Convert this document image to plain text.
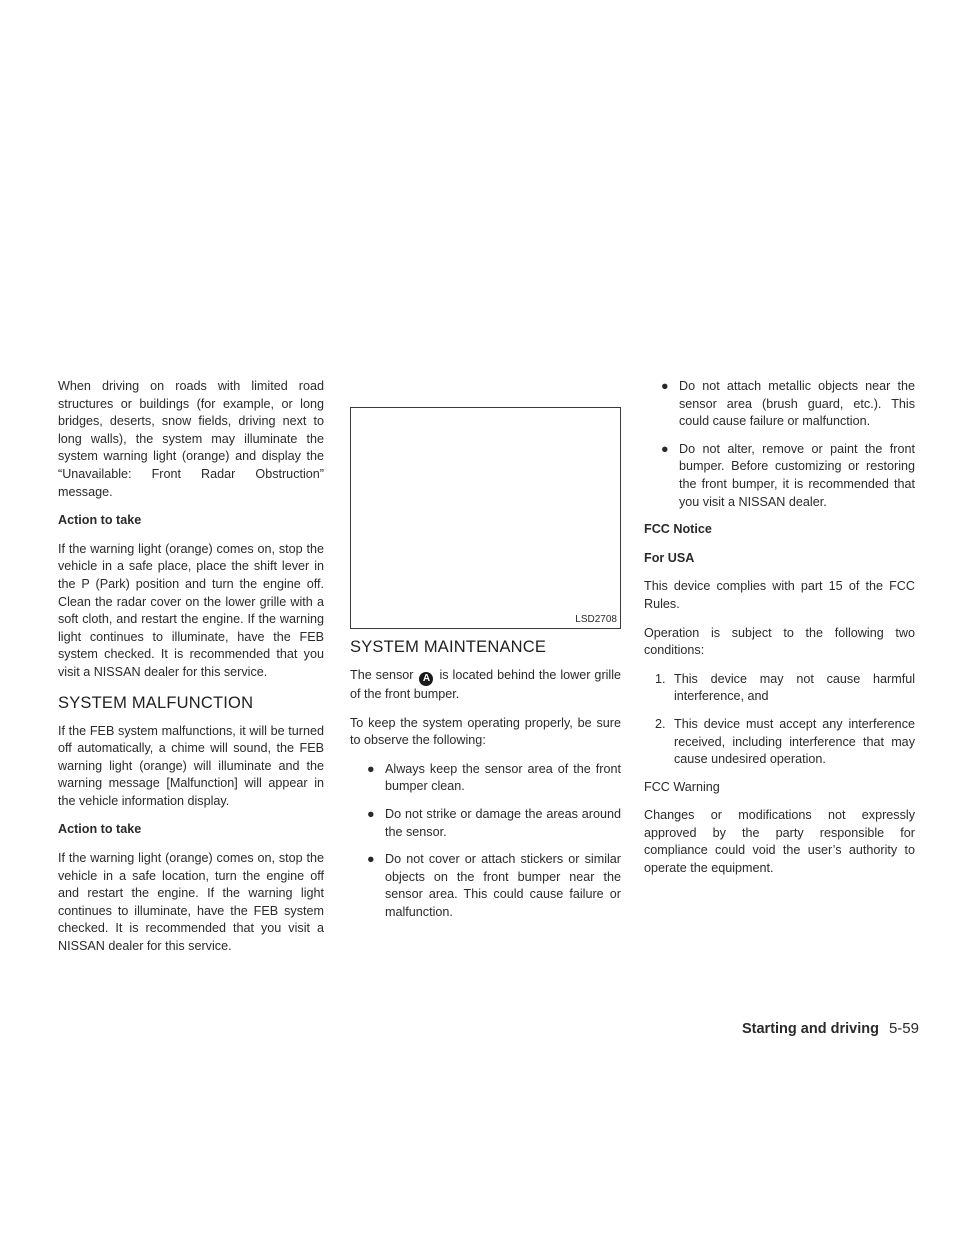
When driving on roads with limited road structures or buildings (for example, or long bridges, deserts, snow fields, driving next to long walls), the system may illuminate the system warning light (orange) and display the “Unavailable: Front Radar Obstruction” message.

Action to take

If the warning light (orange) comes on, stop the vehicle in a safe place, place the shift lever in the P (Park) position and turn the engine off. Clean the radar cover on the lower grille with a soft cloth, and restart the engine. If the warning light continues to illuminate, have the FEB system checked. It is recommended that you visit a NISSAN dealer for this service.

SYSTEM MALFUNCTION

If the FEB system malfunctions, it will be turned off automatically, a chime will sound, the FEB warning light (orange) will illuminate and the warning message [Malfunction] will appear in the vehicle information display.

Action to take

If the warning light (orange) comes on, stop the vehicle in a safe location, turn the engine off and restart the engine. If the warning light continues to illuminate, have the FEB system checked. It is recommended that you visit a NISSAN dealer for this service.

LSD2708
SYSTEM MAINTENANCE

The sensor A is located behind the lower grille of the front bumper.

To keep the system operating properly, be sure to observe the following:

● Always keep the sensor area of the front bumper clean.
● Do not strike or damage the areas around the sensor.
● Do not cover or attach stickers or similar objects on the front bumper near the sensor area. This could cause failure or malfunction.
● Do not attach metallic objects near the sensor area (brush guard, etc.). This could cause failure or malfunction.
● Do not alter, remove or paint the front bumper. Before customizing or restoring the front bumper, it is recommended that you visit a NISSAN dealer.
FCC Notice
For USA

This device complies with part 15 of the FCC Rules.

Operation is subject to the following two conditions:

1. This device may not cause harmful interference, and
2. This device must accept any interference received, including interference that may cause undesired operation.

FCC Warning

Changes or modifications not expressly approved by the party responsible for compliance could void the user’s authority to operate the equipment.

Starting and driving 5-59
